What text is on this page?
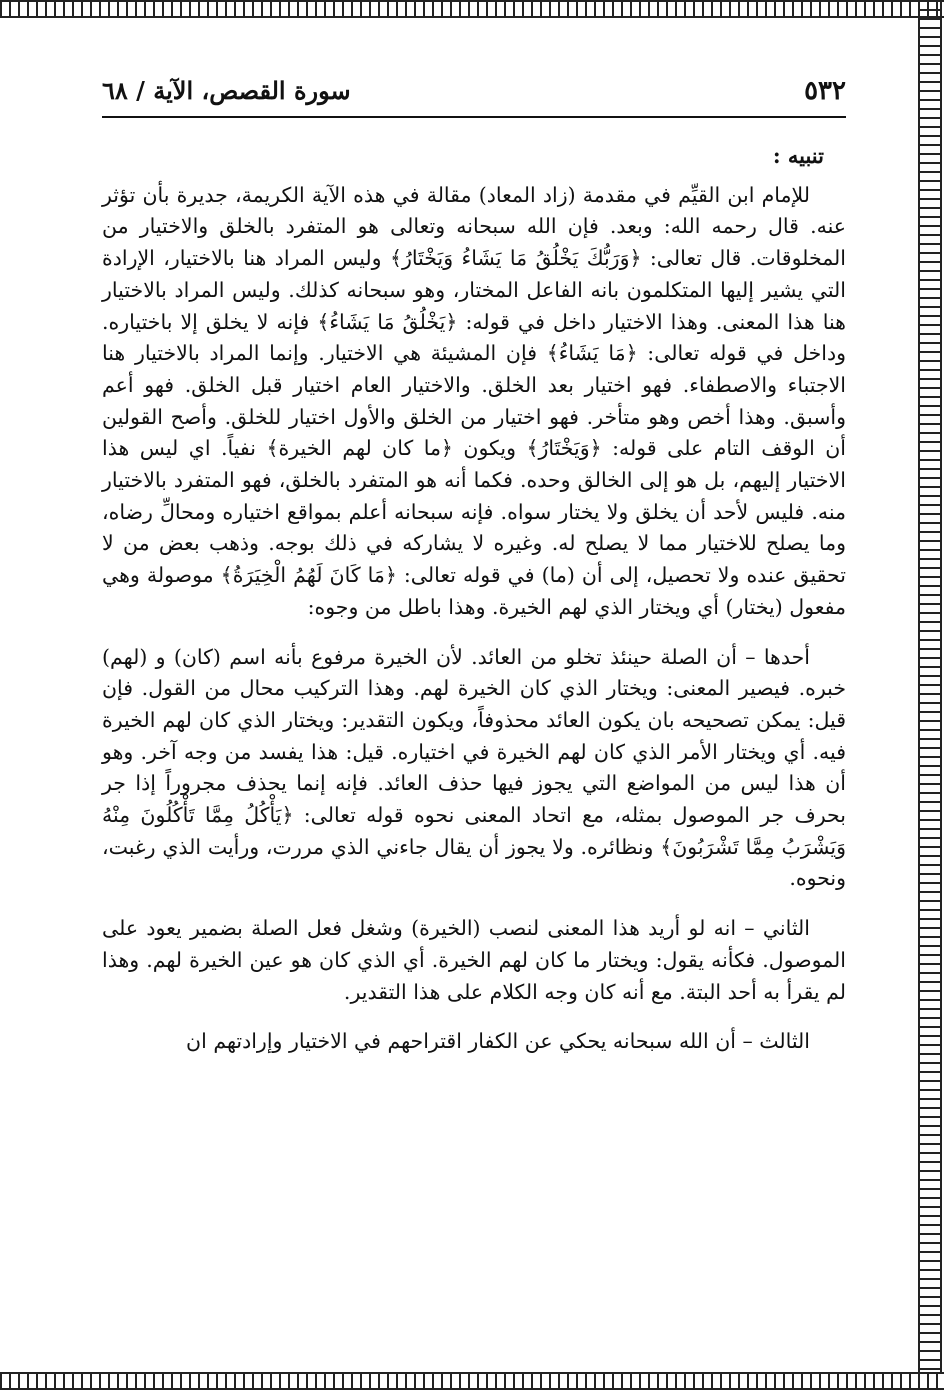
٥٣٢
سورة القصص، الآية / ٦٨
تنبيه :

للإمام ابن القيِّم في مقدمة (زاد المعاد) مقالة في هذه الآية الكريمة، جديرة بأن تؤثر عنه. قال رحمه الله: وبعد. فإن الله سبحانه وتعالى هو المتفرد بالخلق والاختيار من المخلوقات. قال تعالى: ﴿وَرَبُّكَ يَخْلُقُ مَا يَشَاءُ وَيَخْتَارُ﴾ وليس المراد هنا بالاختيار، الإرادة التي يشير إليها المتكلمون بانه الفاعل المختار، وهو سبحانه كذلك. وليس المراد بالاختيار هنا هذا المعنى. وهذا الاختيار داخل في قوله: ﴿يَخْلُقُ مَا يَشَاءُ﴾ فإنه لا يخلق إلا باختياره. وداخل في قوله تعالى: ﴿مَا يَشَاءُ﴾ فإن المشيئة هي الاختيار. وإنما المراد بالاختيار هنا الاجتباء والاصطفاء. فهو اختيار بعد الخلق. والاختيار العام اختيار قبل الخلق. فهو أعم وأسبق. وهذا أخص وهو متأخر. فهو اختيار من الخلق والأول اختيار للخلق. وأصح القولين أن الوقف التام على قوله: ﴿وَيَخْتَارُ﴾ ويكون ﴿ما كان لهم الخيرة﴾ نفياً. اي ليس هذا الاختيار إليهم، بل هو إلى الخالق وحده. فكما أنه هو المتفرد بالخلق، فهو المتفرد بالاختيار منه. فليس لأحد أن يخلق ولا يختار سواه. فإنه سبحانه أعلم بمواقع اختياره ومحالِّ رضاه، وما يصلح للاختيار مما لا يصلح له. وغيره لا يشاركه في ذلك بوجه. وذهب بعض من لا تحقيق عنده ولا تحصيل، إلى أن (ما) في قوله تعالى: ﴿مَا كَانَ لَهُمُ الْخِيَرَةُ﴾ موصولة وهي مفعول (يختار) أي ويختار الذي لهم الخيرة. وهذا باطل من وجوه:

أحدها – أن الصلة حينئذ تخلو من العائد. لأن الخيرة مرفوع بأنه اسم (كان) و (لهم) خبره. فيصير المعنى: ويختار الذي كان الخيرة لهم. وهذا التركيب محال من القول. فإن قيل: يمكن تصحيحه بان يكون العائد محذوفاً، ويكون التقدير: ويختار الذي كان لهم الخيرة فيه. أي ويختار الأمر الذي كان لهم الخيرة في اختياره. قيل: هذا يفسد من وجه آخر. وهو أن هذا ليس من المواضع التي يجوز فيها حذف العائد. فإنه إنما يحذف مجروراً إذا جر بحرف جر الموصول بمثله، مع اتحاد المعنى نحوه قوله تعالى: ﴿يَأْكُلُ مِمَّا تَأْكُلُونَ مِنْهُ وَيَشْرَبُ مِمَّا تَشْرَبُونَ﴾ ونظائره. ولا يجوز أن يقال جاءني الذي مررت، ورأيت الذي رغبت، ونحوه.

الثاني – انه لو أريد هذا المعنى لنصب (الخيرة) وشغل فعل الصلة بضمير يعود على الموصول. فكأنه يقول: ويختار ما كان لهم الخيرة. أي الذي كان هو عين الخيرة لهم. وهذا لم يقرأ به أحد البتة. مع أنه كان وجه الكلام على هذا التقدير.

الثالث – أن الله سبحانه يحكي عن الكفار اقتراحهم في الاختيار وإرادتهم ان
